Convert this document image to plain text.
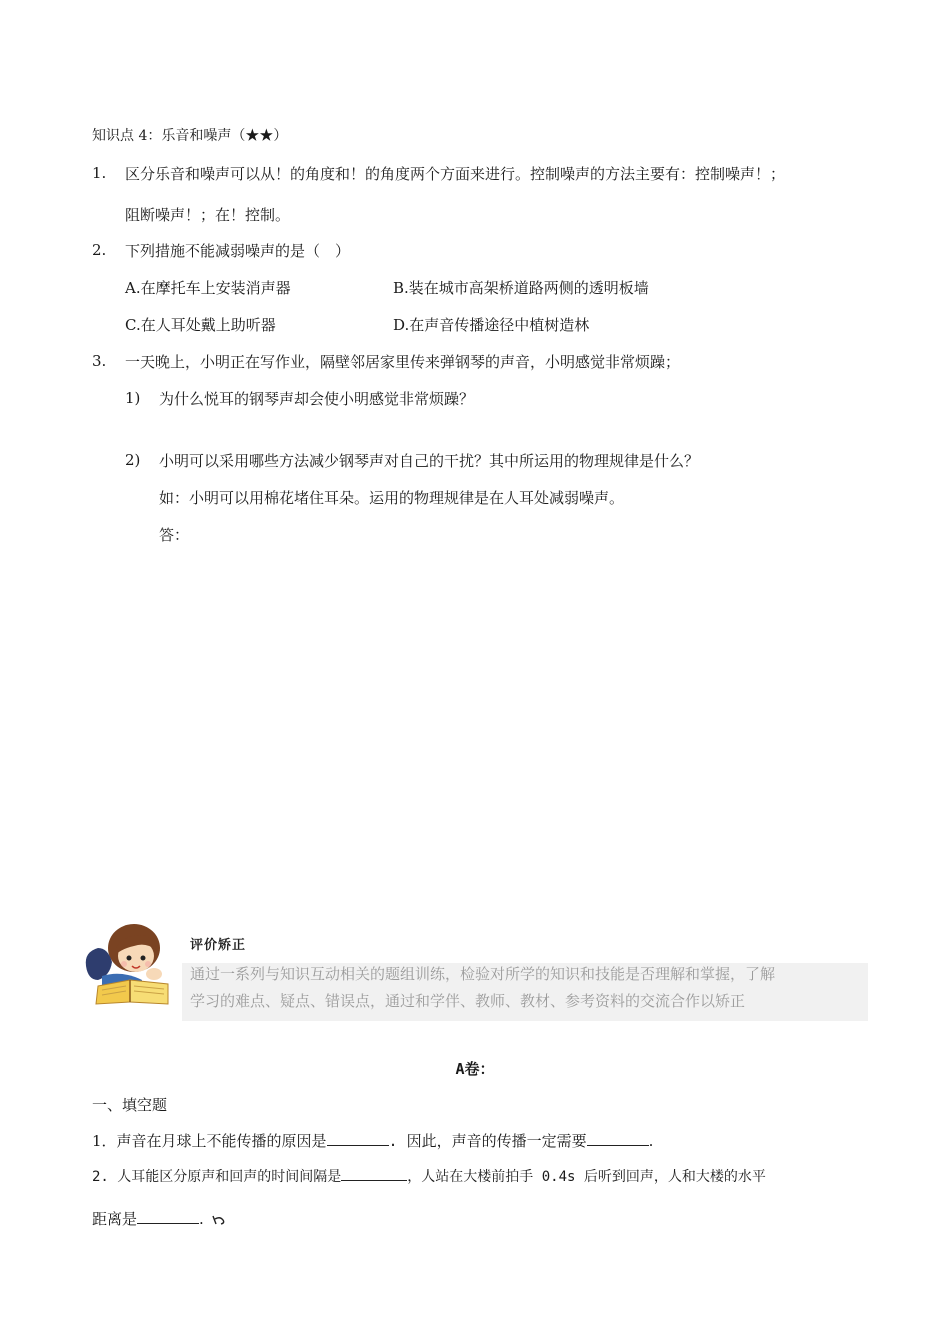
知识点 4：乐音和噪声（★★）
1. 区分乐音和噪声可以从！的角度和！的角度两个方面来进行。控制噪声的方法主要有：控制噪声！；
阻断噪声！；在！控制。
2. 下列措施不能减弱噪声的是（　）
A.在摩托车上安装消声器	B.装在城市高架桥道路两侧的透明板墙
C.在人耳处戴上助听器	D.在声音传播途径中植树造林
3. 一天晚上，小明正在写作业，隔壁邻居家里传来弹钢琴的声音，小明感觉非常烦躁；
1) 为什么悦耳的钢琴声却会使小明感觉非常烦躁？
2) 小明可以采用哪些方法减少钢琴声对自己的干扰？其中所运用的物理规律是什么？
如：小明可以用棉花堵住耳朵。运用的物理规律是在人耳处减弱噪声。
答：
评价矫正
通过一系列与知识互动相关的题组训练，检验对所学的知识和技能是否理解和掌握，了解
学习的难点、疑点、错误点，通过和学伴、教师、教材、参考资料的交流合作以矫正
A卷：
一、填空题
1．声音在月球上不能传播的原因是	. 因此，声音的传播一定需要	.
2. 人耳能区分原声和回声的时间间隔是	，人站在大楼前拍手 0.4s 后听到回声，人和大楼的水平
距离是	.
